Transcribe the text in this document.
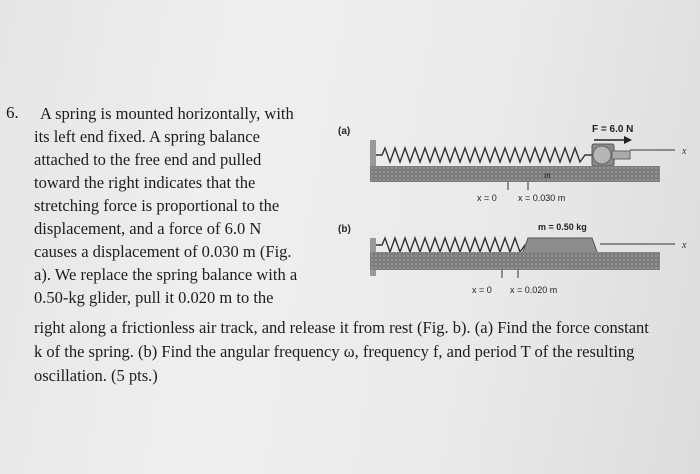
6. A spring is mounted horizontally, with
its left end fixed. A spring balance
attached to the free end and pulled
toward the right indicates that the
stretching force is proportional to the
displacement, and a force of 6.0 N
causes a displacement of 0.030 m (Fig.
a). We replace the spring balance with a
0.50-kg glider, pull it 0.020 m to the
right along a frictionless air track, and release it from rest (Fig. b). (a) Find the force constant
k of the spring. (b) Find the angular frequency ω, frequency f, and period T of the resulting
oscillation. (5 pts.)
(a)	F = 6.0 N
x
m
x = 0 x = 0.030 m
(b)	m = 0.50 kg
x
x = 0 x = 0.020 m
